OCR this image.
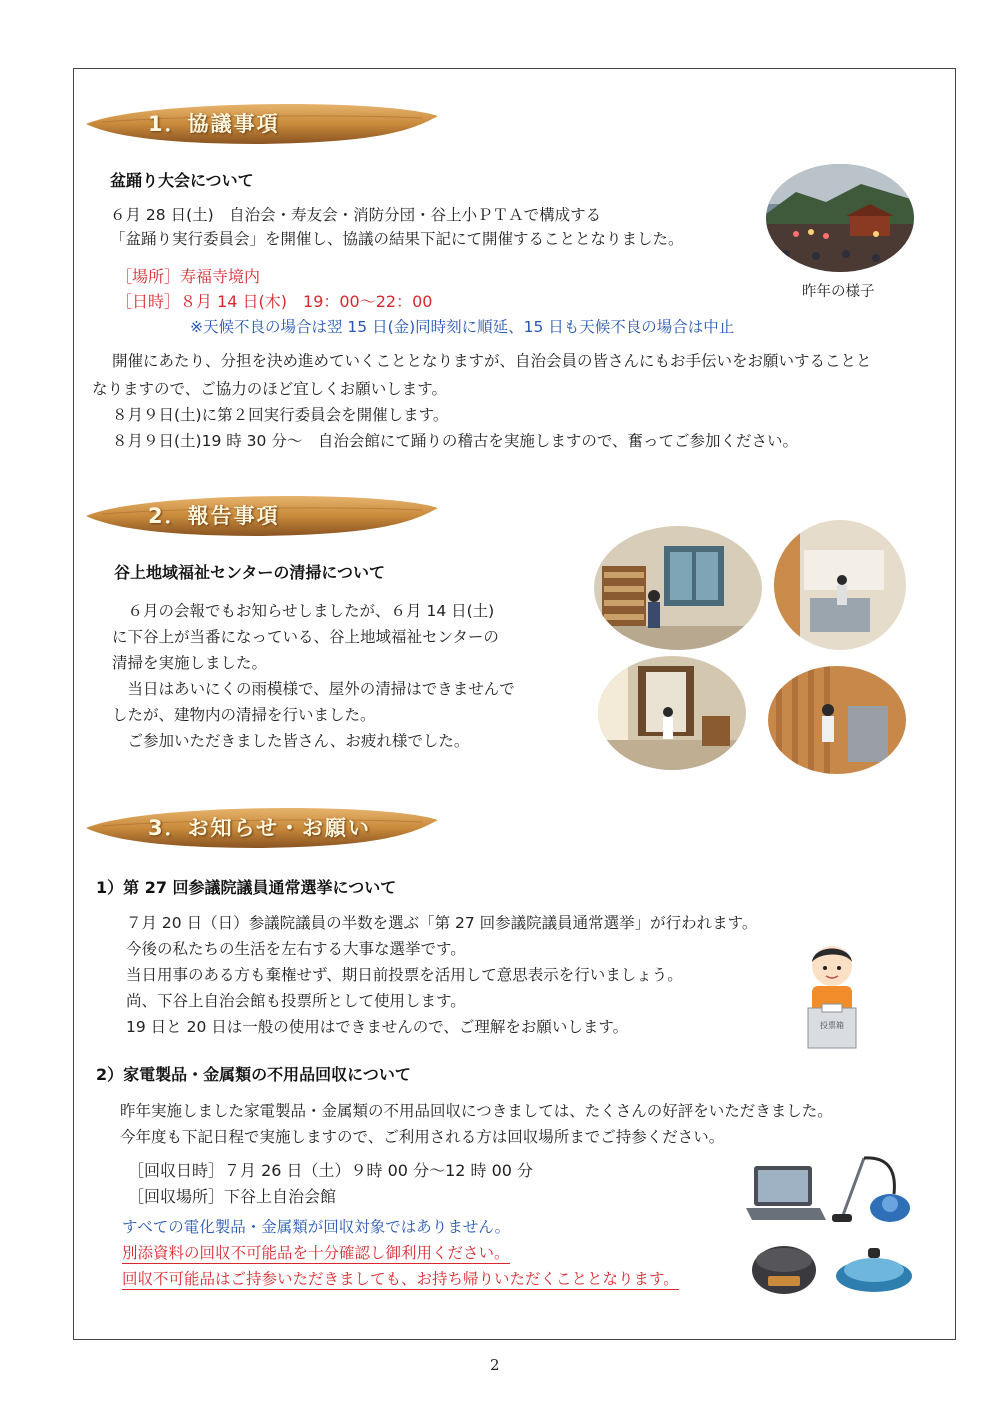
1．協議事項
盆踊り大会について
６月 28 日(土)　自治会・寿友会・消防分団・谷上小ＰＴＡで構成する
「盆踊り実行委員会」を開催し、協議の結果下記にて開催することとなりました。
［場所］寿福寺境内
［日時］８月 14 日(木)　19：00～22：00
※天候不良の場合は翌 15 日(金)同時刻に順延、15 日も天候不良の場合は中止
開催にあたり、分担を決め進めていくこととなりますが、自治会員の皆さんにもお手伝いをお願いすることと
なりますので、ご協力のほど宜しくお願いします。
８月９日(土)に第２回実行委員会を開催します。
８月９日(土)19 時 30 分～　自治会館にて踊りの稽古を実施しますので、奮ってご参加ください。
昨年の様子
2．報告事項
谷上地域福祉センターの清掃について
　６月の会報でもお知らせしましたが、６月 14 日(土)
に下谷上が当番になっている、谷上地域福祉センターの
清掃を実施しました。
　当日はあいにくの雨模様で、屋外の清掃はできませんで
したが、建物内の清掃を行いました。
　ご参加いただきました皆さん、お疲れ様でした。
3．お知らせ・お願い
1）第 27 回参議院議員通常選挙について
７月 20 日（日）参議院議員の半数を選ぶ「第 27 回参議院議員通常選挙」が行われます。
今後の私たちの生活を左右する大事な選挙です。
当日用事のある方も棄権せず、期日前投票を活用して意思表示を行いましょう。
尚、下谷上自治会館も投票所として使用します。
19 日と 20 日は一般の使用はできませんので、ご理解をお願いします。	投票箱
2）家電製品・金属類の不用品回収について
昨年実施しました家電製品・金属類の不用品回収につきましては、たくさんの好評をいただきました。
今年度も下記日程で実施しますので、ご利用される方は回収場所までご持参ください。
［回収日時］７月 26 日（土）９時 00 分～12 時 00 分
［回収場所］下谷上自治会館
すべての電化製品・金属類が回収対象ではありません。
別添資料の回収不可能品を十分確認し御利用ください。
回収不可能品はご持参いただきましても、お持ち帰りいただくこととなります。
2
